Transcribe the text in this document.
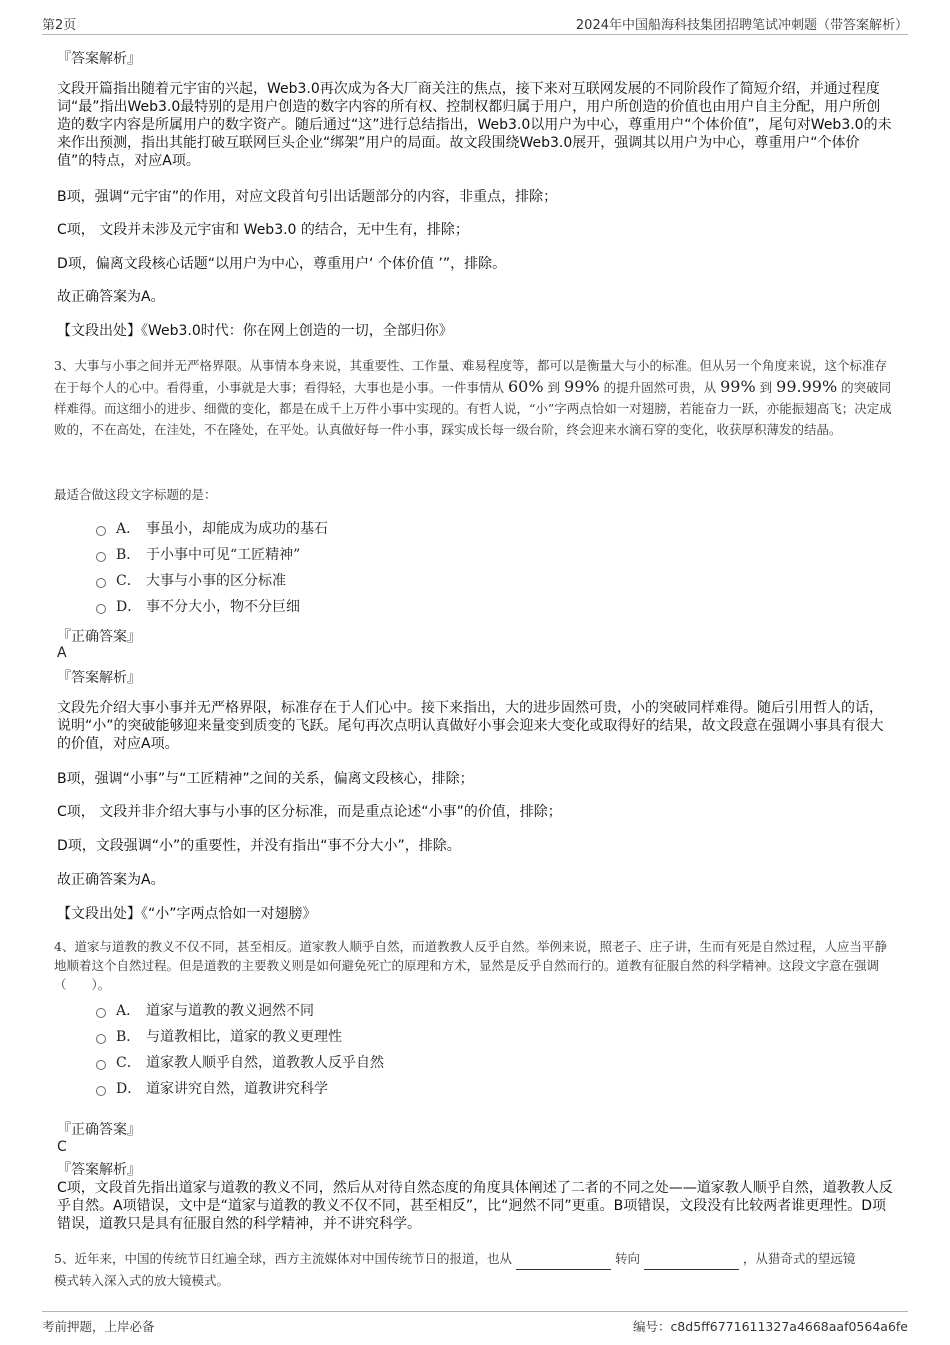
第2页	2024年中国船海科技集团招聘笔试冲刺题（带答案解析）
『答案解析』

文段开篇指出随着元宇宙的兴起，Web3.0再次成为各大厂商关注的焦点，接下来对互联网发展的不同阶段作了简短介绍，并通过程度词“最”指出Web3.0最特别的是用户创造的数字内容的所有权、控制权都归属于用户，用户所创造的价值也由用户自主分配，用户所创造的数字内容是所属用户的数字资产。随后通过“这”进行总结指出，Web3.0以用户为中心，尊重用户“个体价值”，尾句对Web3.0的未来作出预测，指出其能打破互联网巨头企业“绑架”用户的局面。故文段围绕Web3.0展开，强调其以用户为中心，尊重用户“个体价值”的特点，对应A项。

B项，强调“元宇宙”的作用，对应文段首句引出话题部分的内容，非重点，排除；
C项， 文段并未涉及元宇宙和 Web3.0 的结合，无中生有，排除；
D项，偏离文段核心话题“以用户为中心，尊重用户‘ 个体价值 ’”，排除。
故正确答案为A。
【文段出处】《Web3.0时代：你在网上创造的一切，全部归你》
3、大事与小事之间并无严格界限。从事情本身来说，其重要性、工作量、难易程度等，都可以是衡量大与小的标准。但从另一个角度来说，这个标准存在于每个人的心中。看得重，小事就是大事；看得轻，大事也是小事。一件事情从 60% 到 99% 的提升固然可贵，从 99% 到 99.99% 的突破同样难得。而这细小的进步、细微的变化，都是在成千上万件小事中实现的。有哲人说，“小”字两点恰如一对翅膀，若能奋力一跃，亦能振翅高飞；决定成败的，不在高处，在洼处，不在隆处，在平处。认真做好每一件小事，踩实成长每一级台阶，终会迎来水滴石穿的变化，收获厚积薄发的结晶。
最适合做这段文字标题的是：
A． 事虽小，却能成为成功的基石
B． 于小事中可见“工匠精神”
C． 大事与小事的区分标准
D． 事不分大小，物不分巨细
『正确答案』
A
『答案解析』
文段先介绍大事小事并无严格界限，标准存在于人们心中。接下来指出，大的进步固然可贵，小的突破同样难得。随后引用哲人的话，说明“小”的突破能够迎来量变到质变的飞跃。尾句再次点明认真做好小事会迎来大变化或取得好的结果，故文段意在强调小事具有很大的价值，对应A项。
B项，强调“小事”与“工匠精神”之间的关系，偏离文段核心，排除；
C项， 文段并非介绍大事与小事的区分标准，而是重点论述“小事”的价值，排除；
D项，文段强调“小”的重要性，并没有指出“事不分大小”，排除。
故正确答案为A。
【文段出处】《“小”字两点恰如一对翅膀》
4、道家与道教的教义不仅不同，甚至相反。道家教人顺乎自然，而道教教人反乎自然。举例来说，照老子、庄子讲，生而有死是自然过程，人应当平静地顺着这个自然过程。但是道教的主要教义则是如何避免死亡的原理和方术，显然是反乎自然而行的。道教有征服自然的科学精神。这段文字意在强调（　　）。
A． 道家与道教的教义迥然不同
B． 与道教相比，道家的教义更理性
C． 道家教人顺乎自然，道教教人反乎自然
D． 道家讲究自然，道教讲究科学
『正确答案』
C
『答案解析』
C项，文段首先指出道家与道教的教义不同，然后从对待自然态度的角度具体阐述了二者的不同之处——道家教人顺乎自然，道教教人反乎自然。A项错误，文中是“道家与道教的教义不仅不同，甚至相反”，比“迥然不同”更重。B项错误，文段没有比较两者谁更理性。D项错误，道教只是具有征服自然的科学精神，并不讲究科学。
5、近年来，中国的传统节日红遍全球，西方主流媒体对中国传统节日的报道，也从	转向	，从猎奇式的望远镜
模式转入深入式的放大镜模式。
考前押题，上岸必备	编号：c8d5ff6771611327a4668aaf0564a6fe
